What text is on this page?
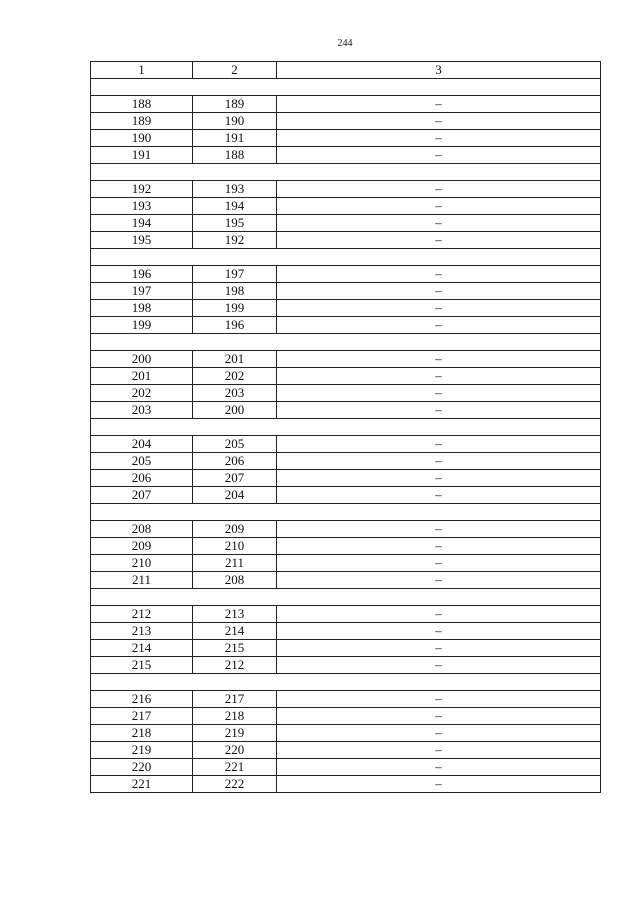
244
1	2	3

188	189	–
189	190	–
190	191	–
191	188	–

192	193	–
193	194	–
194	195	–
195	192	–

196	197	–
197	198	–
198	199	–
199	196	–

200	201	–
201	202	–
202	203	–
203	200	–

204	205	–
205	206	–
206	207	–
207	204	–

208	209	–
209	210	–
210	211	–
211	208	–

212	213	–
213	214	–
214	215	–
215	212	–

216	217	–
217	218	–
218	219	–
219	220	–
220	221	–
221	222	–
